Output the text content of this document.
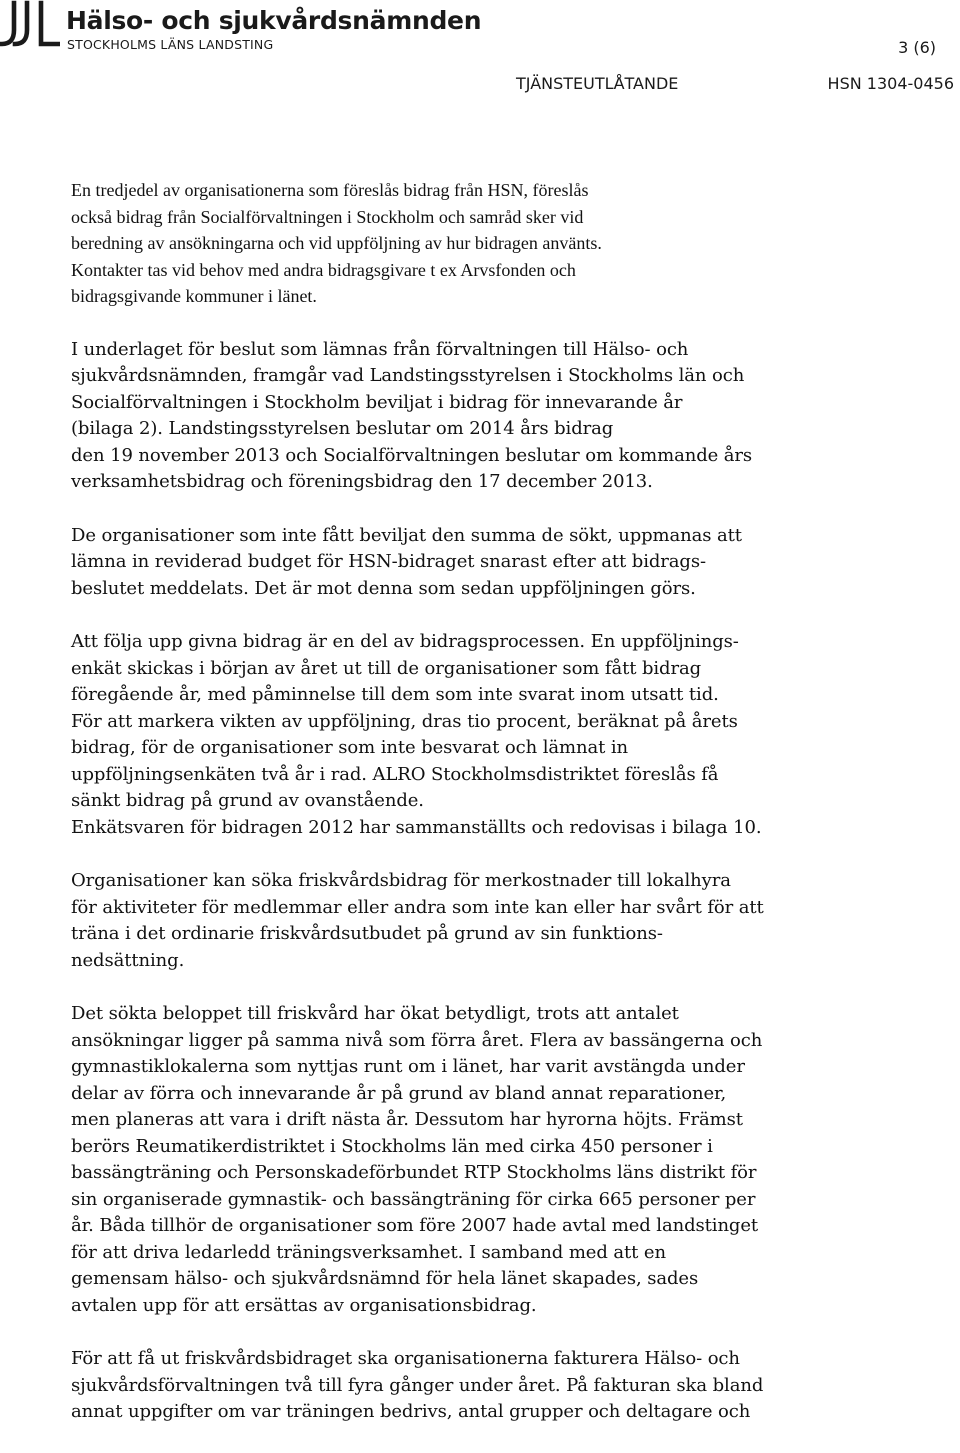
Hälso- och sjukvårdsnämnden
STOCKHOLMS LÄNS LANDSTING	3 (6)
TJÄNSTEUTLÅTANDE	HSN 1304-0456
En tredjedel av organisationerna som föreslås bidrag från HSN, föreslås
också bidrag från Socialförvaltningen i Stockholm och samråd sker vid
beredning av ansökningarna och vid uppföljning av hur bidragen använts.
Kontakter tas vid behov med andra bidragsgivare t ex Arvsfonden och
bidragsgivande kommuner i länet.
I underlaget för beslut som lämnas från förvaltningen till Hälso- och
sjukvårdsnämnden, framgår vad Landstingsstyrelsen i Stockholms län och
Socialförvaltningen i Stockholm beviljat i bidrag för innevarande år
(bilaga 2). Landstingsstyrelsen beslutar om 2014 års bidrag
den 19 november 2013 och Socialförvaltningen beslutar om kommande års
verksamhetsbidrag och föreningsbidrag den 17 december 2013.
De organisationer som inte fått beviljat den summa de sökt, uppmanas att
lämna in reviderad budget för HSN-bidraget snarast efter att bidrags-
beslutet meddelats. Det är mot denna som sedan uppföljningen görs.
Att följa upp givna bidrag är en del av bidragsprocessen. En uppföljnings-
enkät skickas i början av året ut till de organisationer som fått bidrag
föregående år, med påminnelse till dem som inte svarat inom utsatt tid.
För att markera vikten av uppföljning, dras tio procent, beräknat på årets
bidrag, för de organisationer som inte besvarat och lämnat in
uppföljningsenkäten två år i rad. ALRO Stockholmsdistriktet föreslås få
sänkt bidrag på grund av ovanstående.
Enkätsvaren för bidragen 2012 har sammanställts och redovisas i bilaga 10.
Organisationer kan söka friskvårdsbidrag för merkostnader till lokalhyra
för aktiviteter för medlemmar eller andra som inte kan eller har svårt för att
träna i det ordinarie friskvårdsutbudet på grund av sin funktions-
nedsättning.
Det sökta beloppet till friskvård har ökat betydligt, trots att antalet
ansökningar ligger på samma nivå som förra året. Flera av bassängerna och
gymnastiklokalerna som nyttjas runt om i länet, har varit avstängda under
delar av förra och innevarande år på grund av bland annat reparationer,
men planeras att vara i drift nästa år. Dessutom har hyrorna höjts. Främst
berörs Reumatikerdistriktet i Stockholms län med cirka 450 personer i
bassängträning och Personskadeförbundet RTP Stockholms läns distrikt för
sin organiserade gymnastik- och bassängträning för cirka 665 personer per
år. Båda tillhör de organisationer som före 2007 hade avtal med landstinget
för att driva ledarledd träningsverksamhet. I samband med att en
gemensam hälso- och sjukvårdsnämnd för hela länet skapades, sades
avtalen upp för att ersättas av organisationsbidrag.
För att få ut friskvårdsbidraget ska organisationerna fakturera Hälso- och
sjukvårdsförvaltningen två till fyra gånger under året. På fakturan ska bland
annat uppgifter om var träningen bedrivs, antal grupper och deltagare och
